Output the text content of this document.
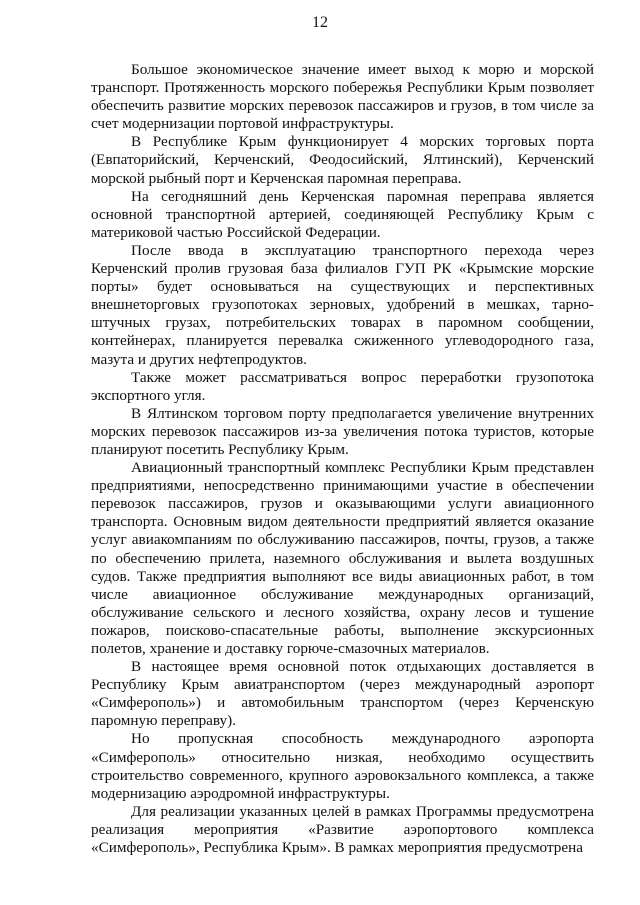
12

Большое экономическое значение имеет выход к морю и морской транспорт. Протяженность морского побережья Республики Крым позволяет обеспечить развитие морских перевозок пассажиров и грузов, в том числе за счет модернизации портовой инфраструктуры.

В Республике Крым функционирует 4 морских торговых порта (Евпаторийский, Керченский, Феодосийский, Ялтинский), Керченский морской рыбный порт и Керченская паромная переправа.

На сегодняшний день Керченская паромная переправа является основной транспортной артерией, соединяющей Республику Крым с материковой частью Российской Федерации.

После ввода в эксплуатацию транспортного перехода через Керченский пролив грузовая база филиалов ГУП РК «Крымские морские порты» будет основываться на существующих и перспективных внешнеторговых грузопотоках зерновых, удобрений в мешках, тарно-штучных грузах, потребительских товарах в паромном сообщении, контейнерах, планируется перевалка сжиженного углеводородного газа, мазута и других нефтепродуктов.

Также может рассматриваться вопрос переработки грузопотока экспортного угля.

В Ялтинском торговом порту предполагается увеличение внутренних морских перевозок пассажиров из-за увеличения потока туристов, которые планируют посетить Республику Крым.

Авиационный транспортный комплекс Республики Крым представлен предприятиями, непосредственно принимающими участие в обеспечении перевозок пассажиров, грузов и оказывающими услуги авиационного транспорта. Основным видом деятельности предприятий является оказание услуг авиакомпаниям по обслуживанию пассажиров, почты, грузов, а также по обеспечению прилета, наземного обслуживания и вылета воздушных судов. Также предприятия выполняют все виды авиационных работ, в том числе авиационное обслуживание международных организаций, обслуживание сельского и лесного хозяйства, охрану лесов и тушение пожаров, поисково-спасательные работы, выполнение экскурсионных полетов, хранение и доставку горюче-смазочных материалов.

В настоящее время основной поток отдыхающих доставляется в Республику Крым авиатранспортом (через международный аэропорт «Симферополь») и автомобильным транспортом (через Керченскую паромную переправу).

Но пропускная способность международного аэропорта «Симферополь» относительно низкая, необходимо осуществить строительство современного, крупного аэровокзального комплекса, а также модернизацию аэродромной инфраструктуры.

Для реализации указанных целей в рамках Программы предусмотрена реализация мероприятия «Развитие аэропортового комплекса «Симферополь», Республика Крым». В рамках мероприятия предусмотрена
